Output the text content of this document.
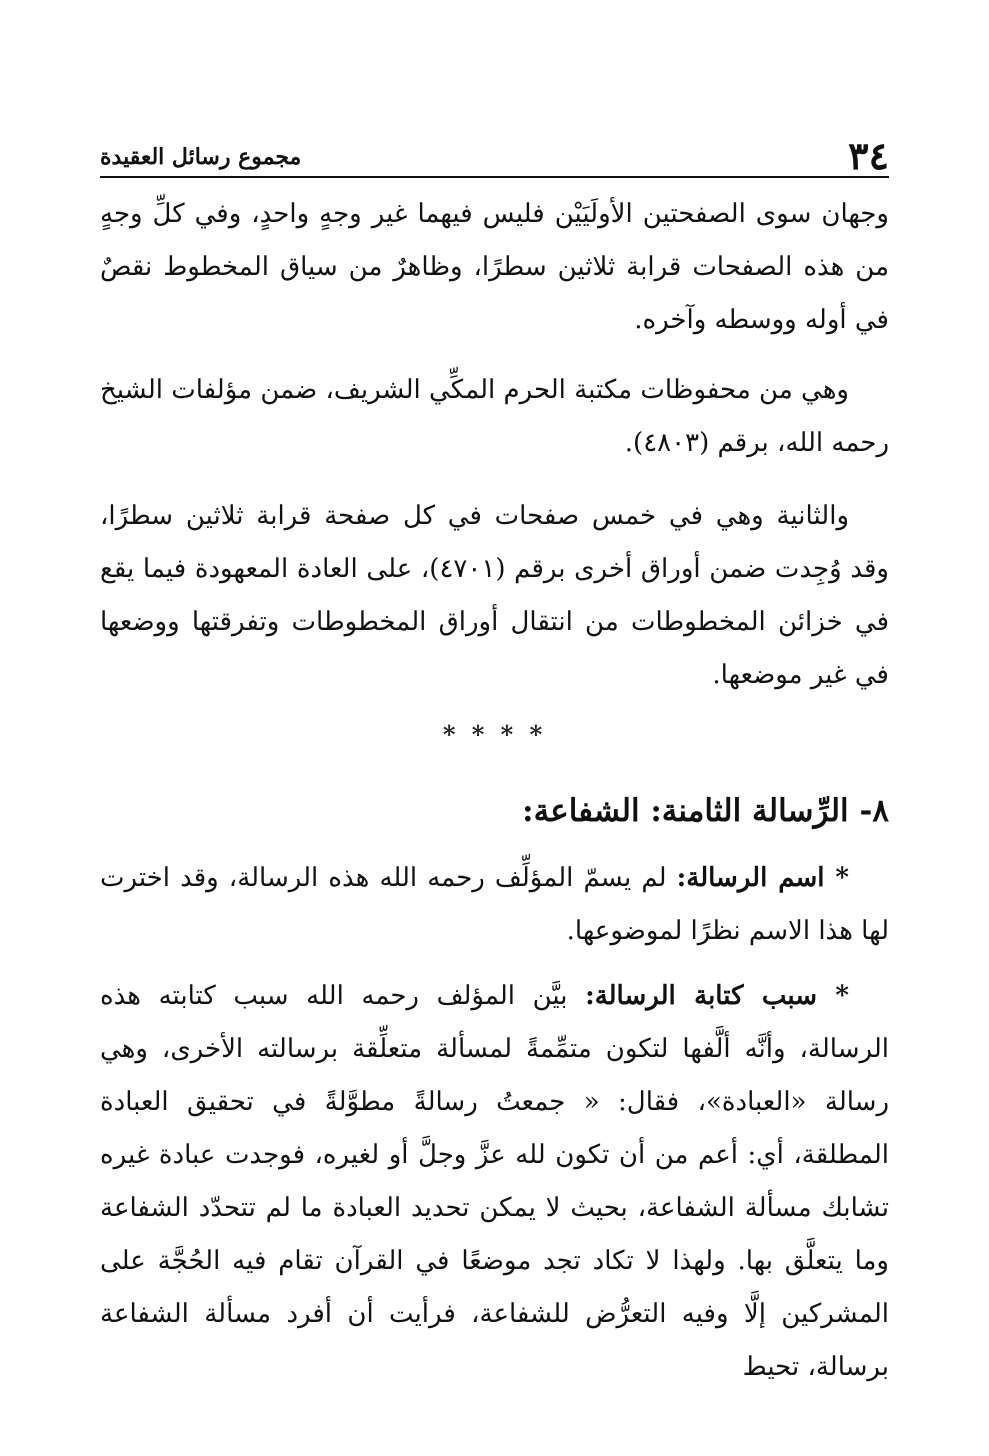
٣٤
مجموع رسائل العقيدة

وجهان سوى الصفحتين الأولَيَيْن فليس فيهما غير وجهٍ واحدٍ، وفي كلِّ وجهٍ من هذه الصفحات قرابة ثلاثين سطرًا، وظاهرٌ من سياق المخطوط نقصٌ في أوله ووسطه وآخره.

وهي من محفوظات مكتبة الحرم المكِّي الشريف، ضمن مؤلفات الشيخ رحمه الله، برقم (٤٨٠٣).

والثانية وهي في خمس صفحات في كل صفحة قرابة ثلاثين سطرًا، وقد وُجِدت ضمن أوراق أخرى برقم (٤٧٠١)، على العادة المعهودة فيما يقع في خزائن المخطوطات من انتقال أوراق المخطوطات وتفرقتها ووضعها في غير موضعها.

* * * *
٨- الرِّسالة الثامنة: الشفاعة:

* اسم الرسالة: لم يسمّ المؤلِّف رحمه الله هذه الرسالة، وقد اخترت لها هذا الاسم نظرًا لموضوعها.

* سبب كتابة الرسالة: بيَّن المؤلف رحمه الله سبب كتابته هذه الرسالة، وأنَّه ألَّفها لتكون متمِّمةً لمسألة متعلِّقة برسالته الأخرى، وهي رسالة «العبادة»، فقال: « جمعتُ رسالةً مطوَّلةً في تحقيق العبادة المطلقة، أي: أعم من أن تكون لله عزَّ وجلَّ أو لغيره، فوجدت عبادة غيره تشابك مسألة الشفاعة، بحيث لا يمكن تحديد العبادة ما لم تتحدّد الشفاعة وما يتعلَّق بها. ولهذا لا تكاد تجد موضعًا في القرآن تقام فيه الحُجَّة على المشركين إلَّا وفيه التعرُّض للشفاعة، فرأيت أن أفرد مسألة الشفاعة برسالة، تحيط
